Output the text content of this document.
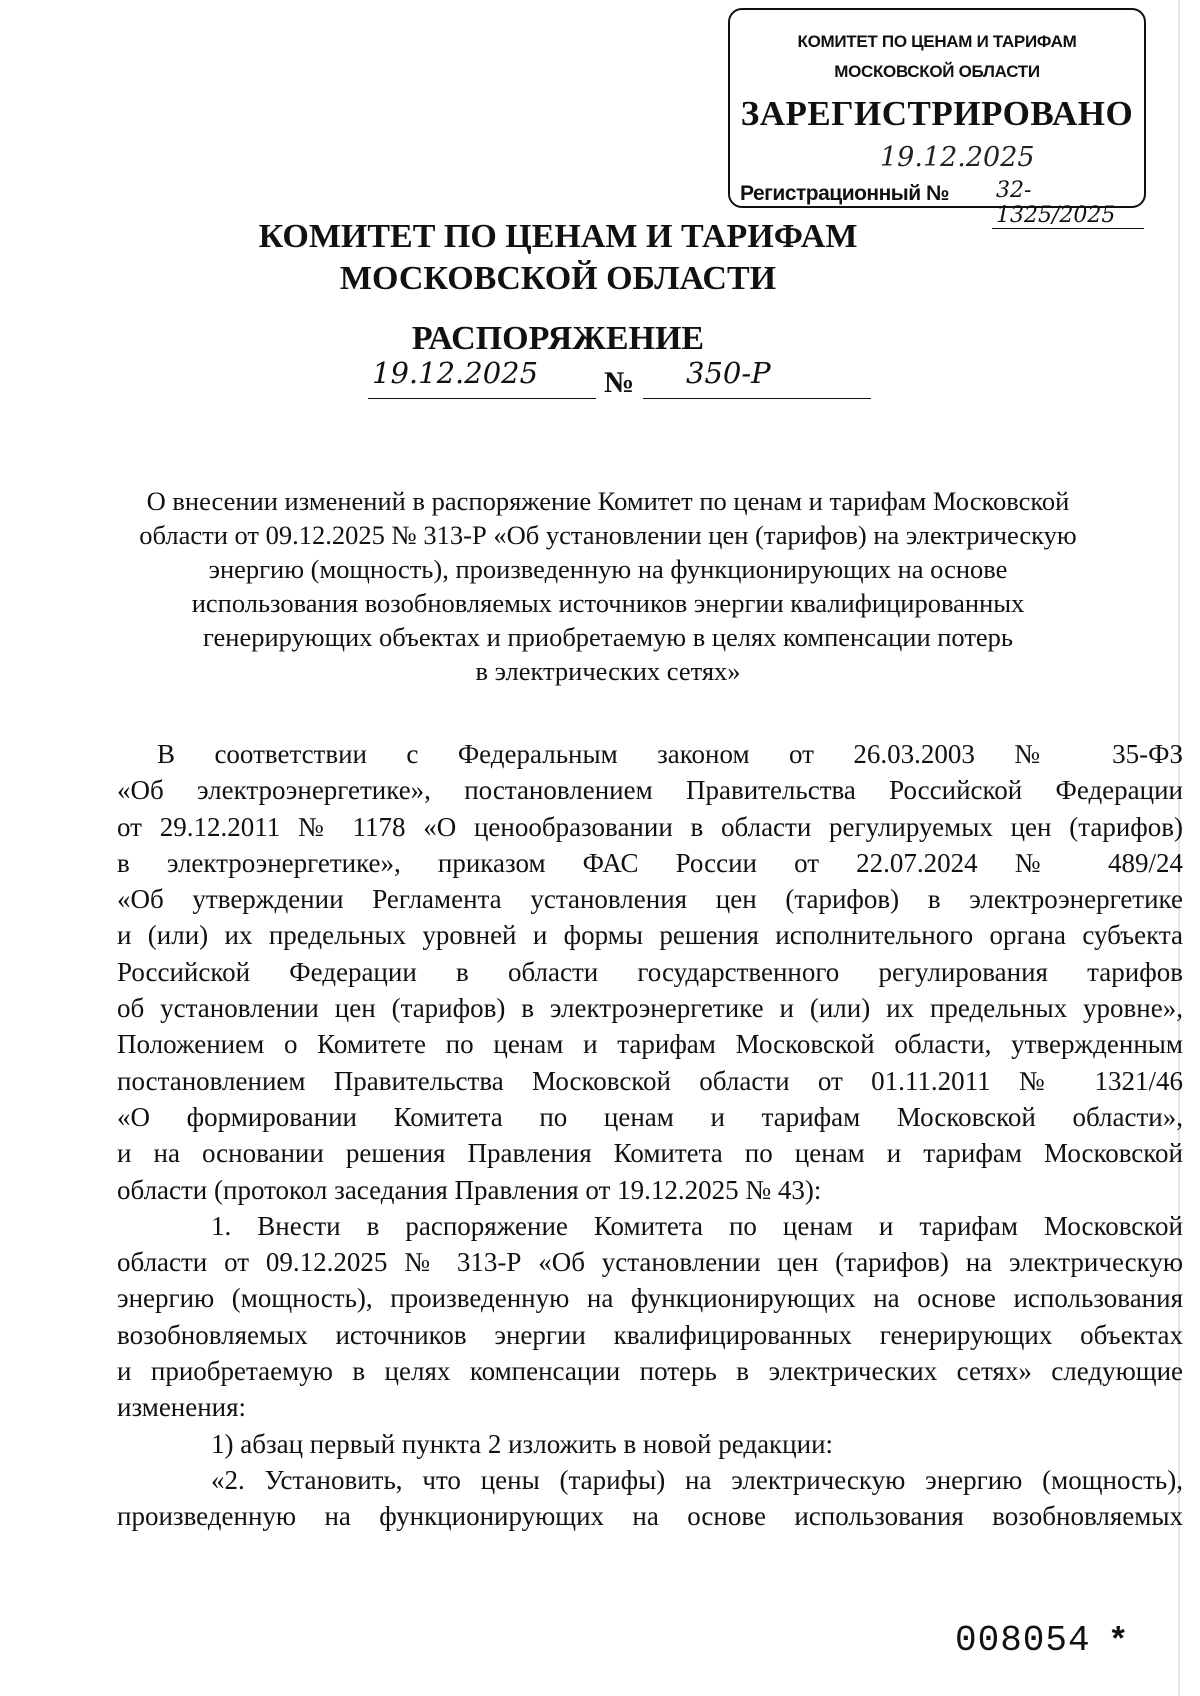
КОМИТЕТ ПО ЦЕНАМ И ТАРИФАМ
МОСКОВСКОЙ ОБЛАСТИ
ЗАРЕГИСТРИРОВАНО
19.12.2025
Регистрационный № 32-1325/2025
КОМИТЕТ ПО ЦЕНАМ И ТАРИФАМ
МОСКОВСКОЙ ОБЛАСТИ
РАСПОРЯЖЕНИЕ
19.12.2025 № 350-Р
О внесении изменений в распоряжение Комитет по ценам и тарифам Московской
области от 09.12.2025 № 313-Р «Об установлении цен (тарифов) на электрическую
энергию (мощность), произведенную на функционирующих на основе
использования возобновляемых источников энергии квалифицированных
генерирующих объектах и приобретаемую в целях компенсации потерь
в электрических сетях»
В соответствии с Федеральным законом от 26.03.2003 № 35-ФЗ
«Об электроэнергетике», постановлением Правительства Российской Федерации
от 29.12.2011 № 1178 «О ценообразовании в области регулируемых цен (тарифов)
в электроэнергетике», приказом ФАС России от 22.07.2024 № 489/24
«Об утверждении Регламента установления цен (тарифов) в электроэнергетике
и (или) их предельных уровней и формы решения исполнительного органа субъекта
Российской Федерации в области государственного регулирования тарифов
об установлении цен (тарифов) в электроэнергетике и (или) их предельных уровне»,
Положением о Комитете по ценам и тарифам Московской области, утвержденным
постановлением Правительства Московской области от 01.11.2011 № 1321/46
«О формировании Комитета по ценам и тарифам Московской области»,
и на основании решения Правления Комитета по ценам и тарифам Московской
области (протокол заседания Правления от 19.12.2025 № 43):
1. Внести в распоряжение Комитета по ценам и тарифам Московской
области от 09.12.2025 № 313-Р «Об установлении цен (тарифов) на электрическую
энергию (мощность), произведенную на функционирующих на основе использования
возобновляемых источников энергии квалифицированных генерирующих объектах
и приобретаемую в целях компенсации потерь в электрических сетях» следующие
изменения:
1) абзац первый пункта 2 изложить в новой редакции:
«2. Установить, что цены (тарифы) на электрическую энергию (мощность),
произведенную на функционирующих на основе использования возобновляемых
008054 *
